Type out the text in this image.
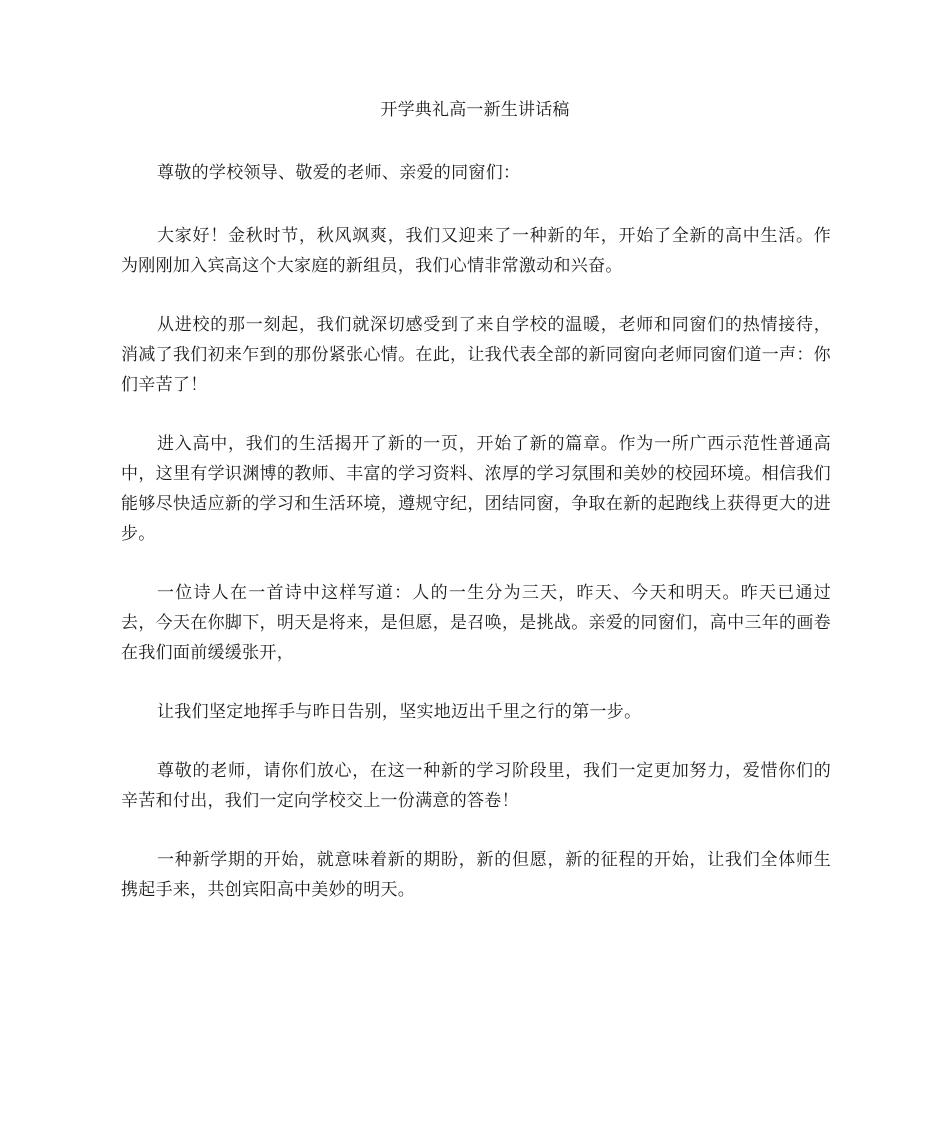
开学典礼高一新生讲话稿

尊敬的学校领导、敬爱的老师、亲爱的同窗们：

大家好！金秋时节，秋风飒爽，我们又迎来了一种新的年，开始了全新的高中生活。作为刚刚加入宾高这个大家庭的新组员，我们心情非常激动和兴奋。

从进校的那一刻起，我们就深切感受到了来自学校的温暖，老师和同窗们的热情接待，消减了我们初来乍到的那份紧张心情。在此，让我代表全部的新同窗向老师同窗们道一声：你们辛苦了！

进入高中，我们的生活揭开了新的一页，开始了新的篇章。作为一所广西示范性普通高中，这里有学识渊博的教师、丰富的学习资料、浓厚的学习氛围和美妙的校园环境。相信我们能够尽快适应新的学习和生活环境，遵规守纪，团结同窗，争取在新的起跑线上获得更大的进步。

一位诗人在一首诗中这样写道：人的一生分为三天，昨天、今天和明天。昨天已通过去，今天在你脚下，明天是将来，是但愿，是召唤，是挑战。亲爱的同窗们，高中三年的画卷在我们面前缓缓张开，

让我们坚定地挥手与昨日告别，坚实地迈出千里之行的第一步。

尊敬的老师，请你们放心，在这一种新的学习阶段里，我们一定更加努力，爱惜你们的辛苦和付出，我们一定向学校交上一份满意的答卷！

一种新学期的开始，就意味着新的期盼，新的但愿，新的征程的开始，让我们全体师生携起手来，共创宾阳高中美妙的明天。
